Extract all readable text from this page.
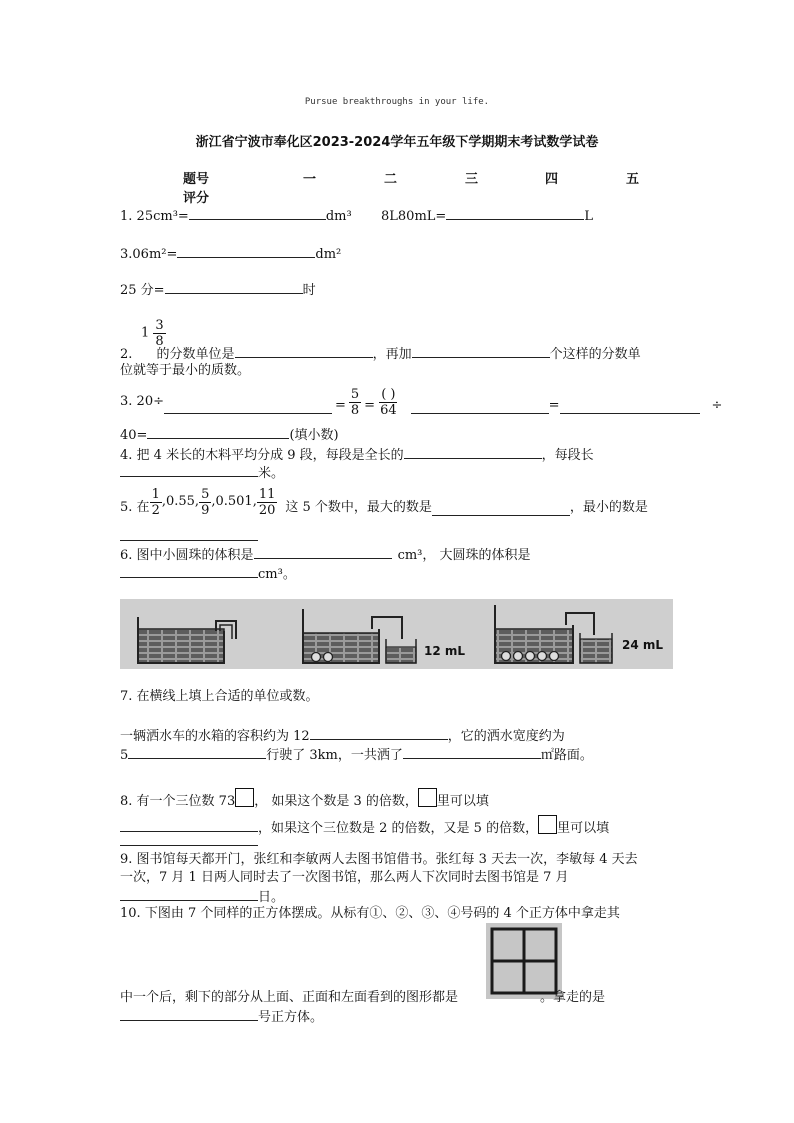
Pursue breakthroughs in your life.
浙江省宁波市奉化区2023-2024学年五年级下学期期末考试数学试卷
题号	一	二	三	四	五
评分
1. 25cm³=	dm³ 8L80mL=	L
3.06m²=	dm²
25 分=	时
$1 \frac{3}{8}$
2. 的分数单位是	，再加	个这样的分数单
位就等于最小的质数。
3.
20÷	= $\frac{5}{8} = \frac{( )}{64}$	=	÷
40=	(填小数)
4. 把 4 米长的木料平均分成 9 段，每段是全长的	，每段长
米。
5.
在 $\frac{1}{2} ,0.55$, $\frac{5}{9} ,0.501$, $\frac{11}{20}$ 这 5 个数中，最大的数是	，最小的数是
6. 图中小圆珠的体积是	cm³， 大圆珠的体积是
cm³。
12 mL	24 mL
7. 在横线上填上合适的单位或数。
一辆洒水车的水箱的容积约为 12	，它的洒水宽度约为
5	行驶了 3km，一共洒了	㎡路面。
8. 有一个三位数 73 ， 如果这个数是 3 的倍数， 里可以填
，如果这个三位数是 2 的倍数，又是 5 的倍数， 里可以填
9. 图书馆每天都开门，张红和李敏两人去图书馆借书。张红每 3 天去一次，李敏每 4 天去
一次，7 月 1 日两人同时去了一次图书馆，那么两人下次同时去图书馆是 7 月
日。
10. 下图由 7 个同样的正方体摆成。从标有①、②、③、④号码的 4 个正方体中拿走其
中一个后，剩下的部分从上面、正面和左面看到的图形都是	。拿走的是
号正方体。
